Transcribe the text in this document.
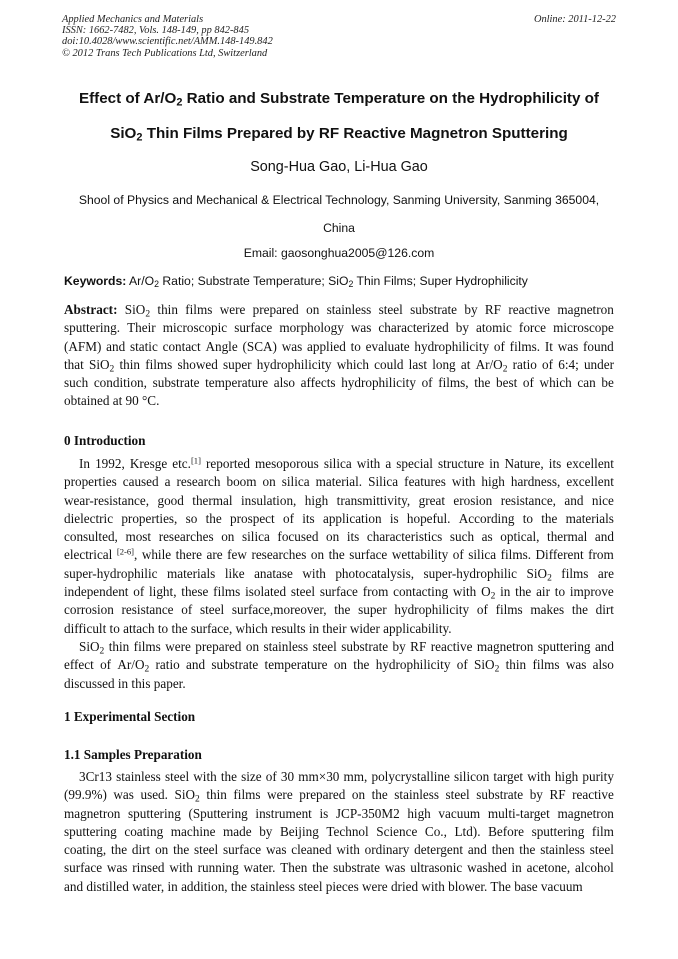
Applied Mechanics and Materials
ISSN: 1662-7482, Vols. 148-149, pp 842-845
doi:10.4028/www.scientific.net/AMM.148-149.842
© 2012 Trans Tech Publications Ltd, Switzerland
Online: 2011-12-22
Effect of $Ar/O_2$ Ratio and Substrate Temperature on the Hydrophilicity of
SiO$_2$ Thin Films Prepared by RF Reactive Magnetron Sputtering
Song-Hua Gao, Li-Hua Gao
Shool of Physics and Mechanical & Electrical Technology, Sanming University, Sanming 365004,
China
Email: gaosonghua2005@126.com
Keywords: $Ar/O_2$ Ratio; Substrate Temperature; SiO$_2$ Thin Films; Super Hydrophilicity
Abstract: SiO$_2$ thin films were prepared on stainless steel substrate by RF reactive magnetron
sputtering. Their microscopic surface morphology was characterized by atomic force microscope
(AFM) and static contact Angle (SCA) was applied to evaluate hydrophilicity of films. It was found
that SiO$_2$ thin films showed super hydrophilicity which could last long at $Ar/O_2$ ratio of 6:4; under
such condition, substrate temperature also affects hydrophilicity of films, the best of which can be
obtained at 90 °C.
0 Introduction
In 1992, Kresge etc.[1] reported mesoporous silica with a special structure in Nature, its excellent
properties caused a research boom on silica material. Silica features with high hardness, excellent
wear-resistance, good thermal insulation, high transmittivity, great erosion resistance, and nice
dielectric properties, so the prospect of its application is hopeful. According to the materials
consulted, most researches on silica focused on its characteristics such as optical, thermal and
electrical [2-6], while there are few researches on the surface wettability of silica films. Different from
super-hydrophilic materials like anatase with photocatalysis, super-hydrophilic SiO$_2$ films are
independent of light, these films isolated steel surface from contacting with $O_2$ in the air to improve
corrosion resistance of steel surface,moreover, the super hydrophilicity of films makes the dirt
difficult to attach to the surface, which results in their wider applicability.
SiO$_2$ thin films were prepared on stainless steel substrate by RF reactive magnetron sputtering and
effect of $Ar/O_2$ ratio and substrate temperature on the hydrophilicity of SiO$_2$ thin films was also
discussed in this paper.
1 Experimental Section
1.1 Samples Preparation
3Cr13 stainless steel with the size of 30 mm×30 mm, polycrystalline silicon target with high purity
(99.9%) was used. SiO$_2$ thin films were prepared on the stainless steel substrate by RF reactive
magnetron sputtering (Sputtering instrument is JCP-350M2 high vacuum multi-target magnetron
sputtering coating machine made by Beijing Technol Science Co., Ltd). Before sputtering film
coating, the dirt on the steel surface was cleaned with ordinary detergent and then the stainless steel
surface was rinsed with running water. Then the substrate was ultrasonic washed in acetone, alcohol
and distilled water, in addition, the stainless steel pieces were dried with blower. The base vacuum
